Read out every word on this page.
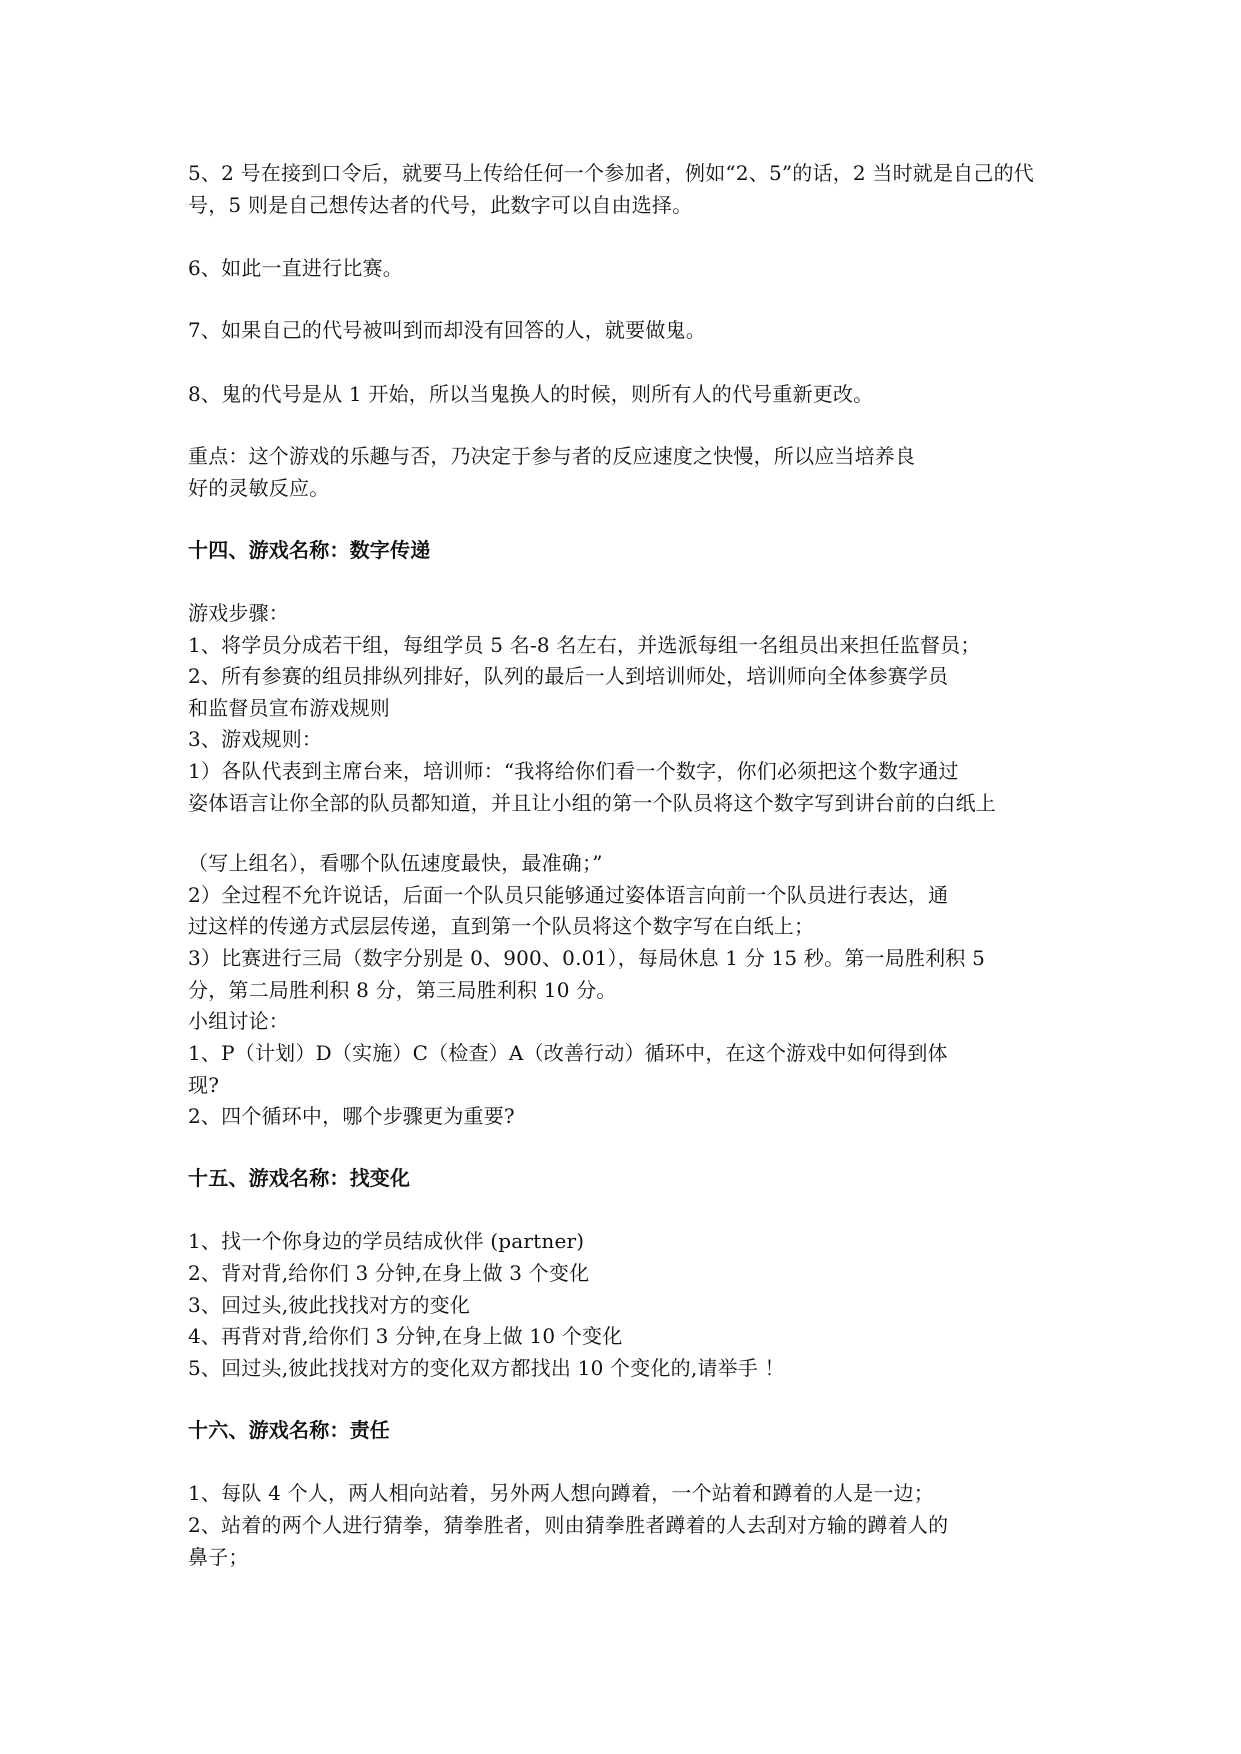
5、2 号在接到口令后，就要马上传给任何一个参加者，例如“2、5”的话，2 当时就是自己的代
号，5 则是自己想传达者的代号，此数字可以自由选择。
6、如此一直进行比赛。
7、如果自己的代号被叫到而却没有回答的人，就要做鬼。
8、鬼的代号是从 1 开始，所以当鬼换人的时候，则所有人的代号重新更改。
重点：这个游戏的乐趣与否，乃决定于参与者的反应速度之快慢，所以应当培养良
好的灵敏反应。
十四、游戏名称：数字传递
游戏步骤：
1、将学员分成若干组，每组学员 5 名-8 名左右，并选派每组一名组员出来担任监督员；
2、所有参赛的组员排纵列排好，队列的最后一人到培训师处，培训师向全体参赛学员
和监督员宣布游戏规则
3、游戏规则：
1）各队代表到主席台来，培训师：“我将给你们看一个数字，你们必须把这个数字通过
姿体语言让你全部的队员都知道，并且让小组的第一个队员将这个数字写到讲台前的白纸上
（写上组名），看哪个队伍速度最快，最准确；”
2）全过程不允许说话，后面一个队员只能够通过姿体语言向前一个队员进行表达，通
过这样的传递方式层层传递，直到第一个队员将这个数字写在白纸上；
3）比赛进行三局（数字分别是 0、900、0.01），每局休息 1 分 15 秒。第一局胜利积 5
分，第二局胜利积 8 分，第三局胜利积 10 分。
小组讨论：
1、P（计划）D（实施）C（检查）A（改善行动）循环中，在这个游戏中如何得到体
现?
2、四个循环中，哪个步骤更为重要?
十五、游戏名称：找变化
1、找一个你身边的学员结成伙伴 (partner)
2、背对背,给你们 3 分钟,在身上做 3 个变化
3、回过头,彼此找找对方的变化
4、再背对背,给你们 3 分钟,在身上做 10 个变化
5、回过头,彼此找找对方的变化双方都找出 10 个变化的,请举手 ！
十六、游戏名称：责任
1、每队 4 个人，两人相向站着，另外两人想向蹲着，一个站着和蹲着的人是一边；
2、站着的两个人进行猜拳，猜拳胜者，则由猜拳胜者蹲着的人去刮对方输的蹲着人的
鼻子；
